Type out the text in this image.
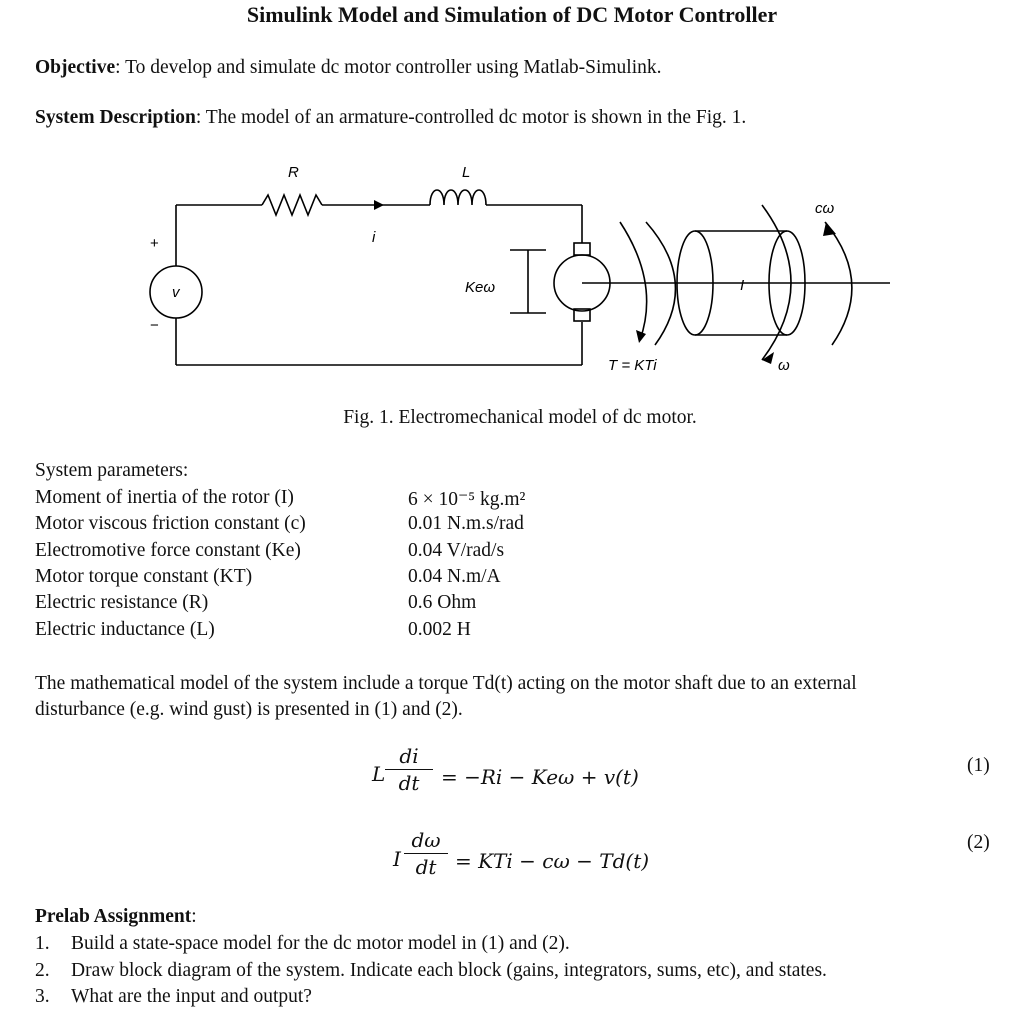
Simulink Model and Simulation of DC Motor Controller
Objective: To develop and simulate dc motor controller using Matlab-Simulink.
System Description: The model of an armature-controlled dc motor is shown in the Fig. 1.
R	L
i
+
−
v	Keω	I
cω
T = KTi	ω
Fig. 1. Electromechanical model of dc motor.
System parameters:
Moment of inertia of the rotor (I)	6 × 10⁻⁵ kg.m²
Motor viscous friction constant (c)	0.01 N.m.s/rad
Electromotive force constant (Ke)	0.04 V/rad/s
Motor torque constant (KT)	0.04 N.m/A
Electric resistance (R)	0.6 Ohm
Electric inductance (L)	0.002 H
The mathematical model of the system include a torque Td(t) acting on the motor shaft due to an external
disturbance (e.g. wind gust) is presented in (1) and (2).
L
di
dt	= −Ri − Keω + v(t)	(1)
I
dω
dt = KTi − cω − Td(t)
(2)
Prelab Assignment:
1. Build a state-space model for the dc motor model in (1) and (2).
2. Draw block diagram of the system. Indicate each block (gains, integrators, sums, etc), and states.
3. What are the input and output?
